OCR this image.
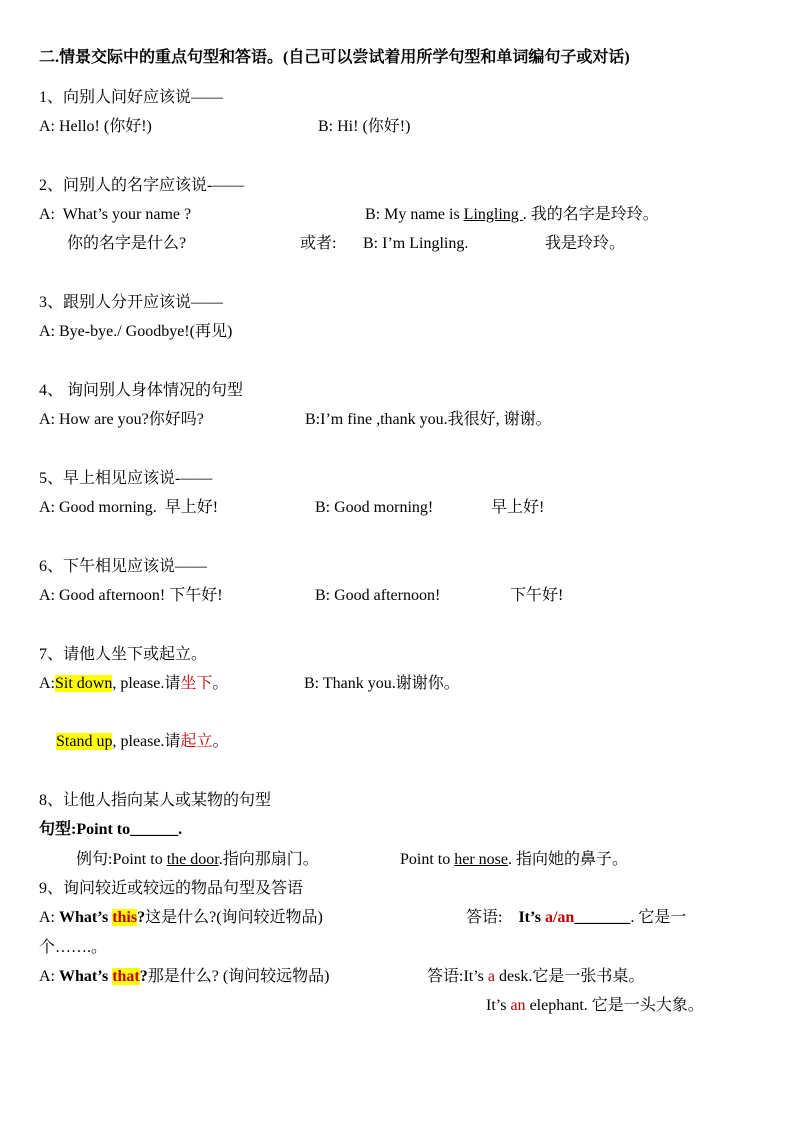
二.情景交际中的重点句型和答语。(自己可以尝试着用所学句型和单词编句子或对话)
1、向别人问好应该说——
A: Hello! (你好!)	B: Hi! (你好!)
2、问别人的名字应该说-——
A:  What’s your name ?	B: My name is Lingling . 我的名字是玲玲。
你的名字是什么?	或者: B: I’m Lingling.	我是玲玲。
3、跟别人分开应该说——
A: Bye-bye./ Goodbye!(再见)
4、 询问别人身体情况的句型
A: How are you?你好吗?	B:I’m fine ,thank you.我很好, 谢谢。
5、早上相见应该说-——
A: Good morning.  早上好!	B: Good morning!	早上好!
6、下午相见应该说——
A: Good afternoon! 下午好!	B: Good afternoon!	下午好!
7、请他人坐下或起立。
A:Sit down, please.请坐下。	B: Thank you.谢谢你。
Stand up, please.请起立。
8、让他人指向某人或某物的句型
句型:Point to______.
例句:Point to the door.指向那扇门。	Point to her nose. 指向她的鼻子。
9、询问较近或较远的物品句型及答语
A: What’s this?这是什么?(询问较近物品)	答语: It’s a/an_______. 它是一
个…….。
A: What’s that?那是什么? (询问较远物品)	答语:It’s a desk.它是一张书桌。
It’s an elephant. 它是一头大象。
